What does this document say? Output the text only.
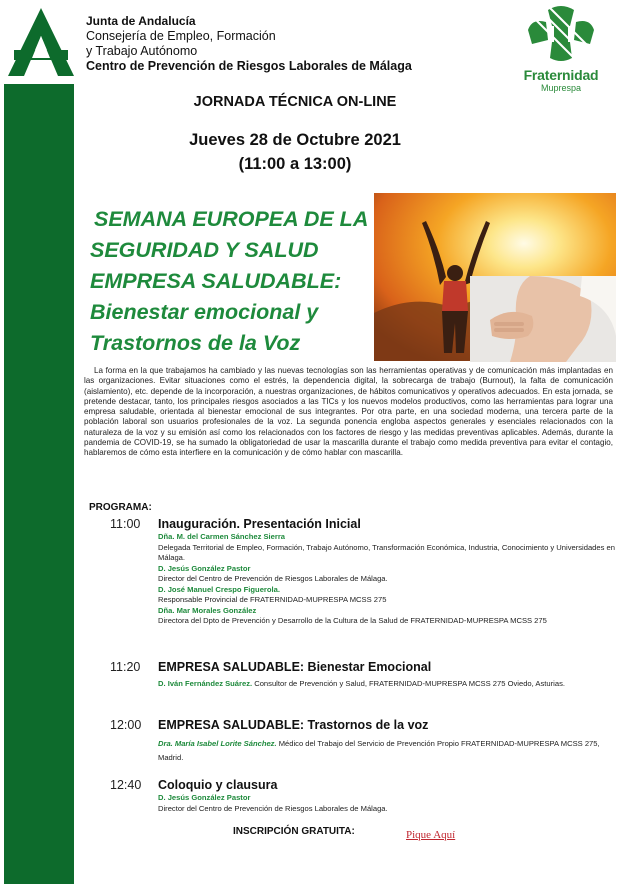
Junta de Andalucía
Consejería de Empleo, Formación
y Trabajo Autónomo
Centro de Prevención de Riesgos Laborales de Málaga
Fraternidad
Muprespa
JORNADA TÉCNICA ON-LINE
Jueves 28 de Octubre 2021
(11:00 a 13:00)
SEMANA EUROPEA DE LA
SEGURIDAD Y SALUD
EMPRESA SALUDABLE:
Bienestar emocional y
Trastornos de la Voz

La forma en la que trabajamos ha cambiado y las nuevas tecnologías son las herramientas operativas y de comunicación más implantadas en las organizaciones. Evitar situaciones como el estrés, la dependencia digital, la sobrecarga de trabajo (Burnout), la falta de comunicación (aislamiento), etc. depende de la incorporación, a nuestras organizaciones, de hábitos comunicativos y operativos adecuados. En esta jornada, se pretende destacar, tanto, los principales riesgos asociados a las TICs y los nuevos modelos productivos, como las herramientas para lograr una empresa saludable, orientada al bienestar emocional de sus integrantes. Por otra parte, en una sociedad moderna, una tercera parte de la población laboral son usuarios profesionales de la voz. La segunda ponencia engloba aspectos generales y esenciales relacionados con la naturaleza de la voz y su emisión así como los relacionados con los factores de riesgo y las medidas preventivas aplicables. Además, durante la pandemia de COVID-19, se ha sumado la obligatoriedad de usar la mascarilla durante el trabajo como medida preventiva para evitar el contagio, hablaremos de cómo esta interfiere en la comunicación y de cómo hablar con mascarilla.

PROGRAMA:
11:00 Inauguración. Presentación Inicial
Dña. M. del Carmen Sánchez Sierra
Delegada Territorial de Empleo, Formación, Trabajo Autónomo, Transformación Económica, Industria, Conocimiento y Universidades en Málaga.
D. Jesús González Pastor
Director del Centro de Prevención de Riesgos Laborales de Málaga.
D. José Manuel Crespo Figuerola.
Responsable Provincial de FRATERNIDAD-MUPRESPA MCSS 275
Dña. Mar Morales González
Directora del Dpto de Prevención y Desarrollo de la Cultura de la Salud de FRATERNIDAD-MUPRESPA MCSS 275
11:20 EMPRESA SALUDABLE: Bienestar Emocional
D. Iván Fernández Suárez. Consultor de Prevención y Salud, FRATERNIDAD-MUPRESPA MCSS 275 Oviedo, Asturias.
12:00 EMPRESA SALUDABLE: Trastornos de la voz
Dra. María Isabel Lorite Sánchez. Médico del Trabajo del Servicio de Prevención Propio FRATERNIDAD-MUPRESPA MCSS 275, Madrid.
12:40 Coloquio y clausura
D. Jesús González Pastor
Director del Centro de Prevención de Riesgos Laborales de Málaga.
INSCRIPCIÓN GRATUITA:	Pique Aquí
